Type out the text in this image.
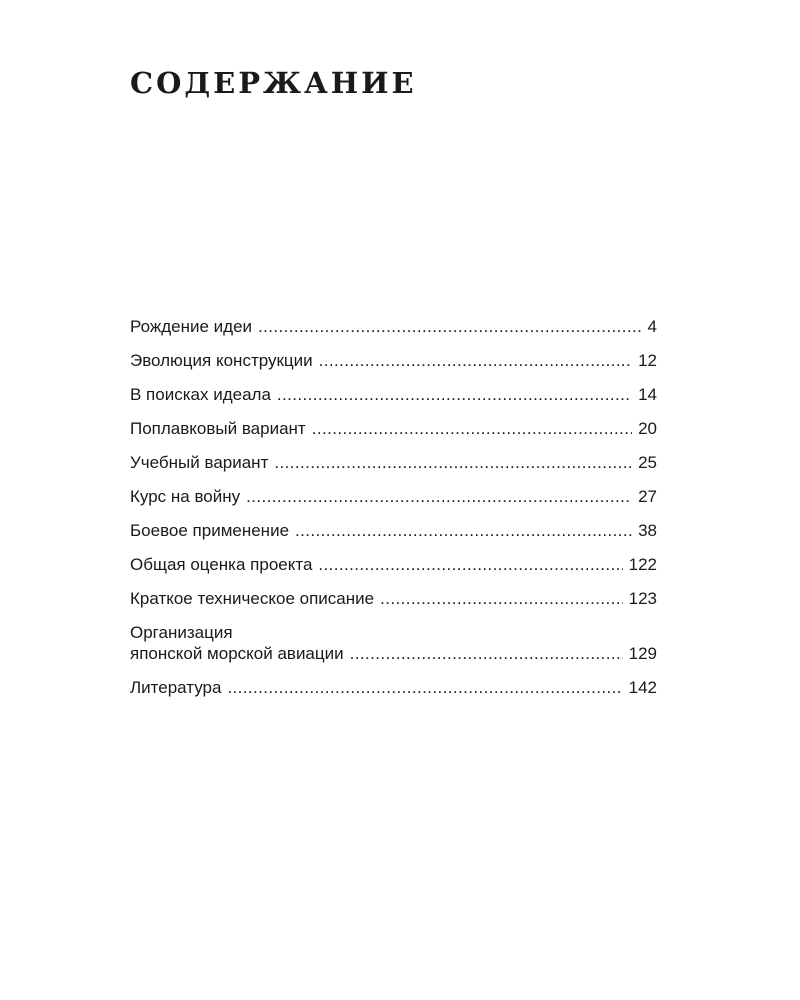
СОДЕРЖАНИЕ
Рождение идеи .....	4
Эволюция конструкции .....	12
В поисках идеала .....	14
Поплавковый вариант .....	20
Учебный вариант .....	25
Курс на войну .....	27
Боевое применение .....	38
Общая оценка проекта .....	122
Краткое техническое описание .....	123
Организация
японской морской авиации .....	129
Литература .....	142
